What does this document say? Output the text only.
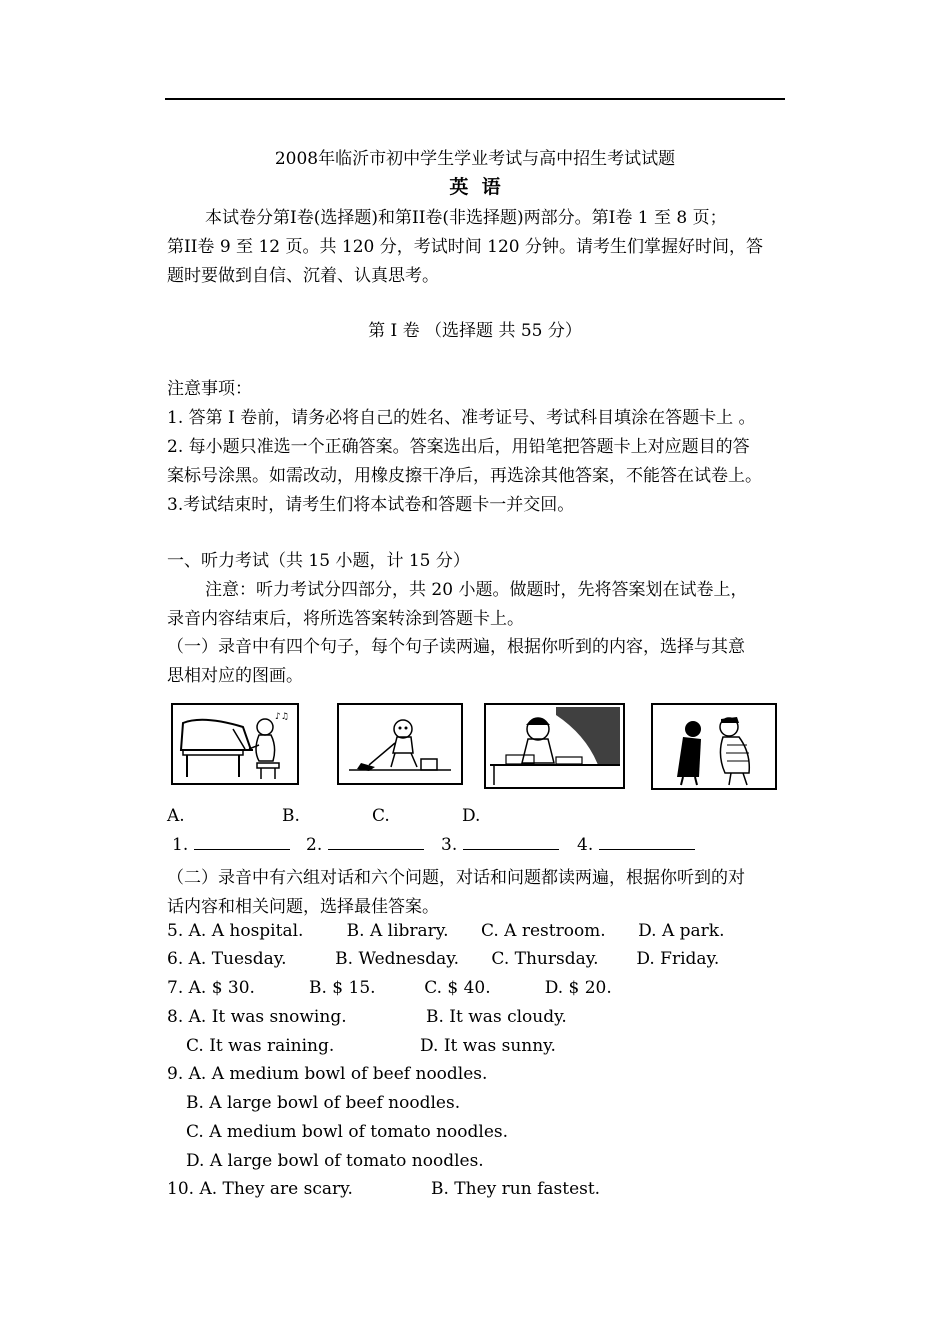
2008年临沂市初中学生学业考试与高中招生考试试题
英  语
本试卷分第I卷(选择题)和第II卷(非选择题)两部分。第I卷 1 至 8 页；
第II卷 9 至 12 页。共 120 分，考试时间 120 分钟。请考生们掌握好时间，答
题时要做到自信、沉着、认真思考。
第 I 卷 （选择题 共 55 分）
注意事项：
1. 答第 I 卷前，请务必将自己的姓名、准考证号、考试科目填涂在答题卡上 。
2. 每小题只准选一个正确答案。答案选出后，用铅笔把答题卡上对应题目的答
案标号涂黑。如需改动，用橡皮擦干净后，再选涂其他答案，不能答在试卷上。
3.考试结束时，请考生们将本试卷和答题卡一并交回。
一、听力考试（共 15 小题，计 15 分）
注意：听力考试分四部分，共 20 小题。做题时，先将答案划在试卷上，
录音内容结束后，将所选答案转涂到答题卡上。
（一）录音中有四个句子，每个句子读两遍，根据你听到的内容，选择与其意
思相对应的图画。
♪♫
A.	B.	C.	D.
1.	2.	3.	4.
（二）录音中有六组对话和六个问题，对话和问题都读两遍，根据你听到的对
话内容和相关问题，选择最佳答案。
5. A. A hospital.        B. A library.      C. A restroom.      D. A park.
6. A. Tuesday.         B. Wednesday.      C. Thursday.       D. Friday.
7. A. $ 30.          B. $ 15.         C. $ 40.          D. $ 20.
8. A. It was snowing.	B. It was cloudy.
C. It was raining.	D. It was sunny.
9. A. A medium bowl of beef noodles.
B. A large bowl of beef noodles.
C. A medium bowl of tomato noodles.
D. A large bowl of tomato noodles.
10. A. They are scary.	B. They run fastest.
